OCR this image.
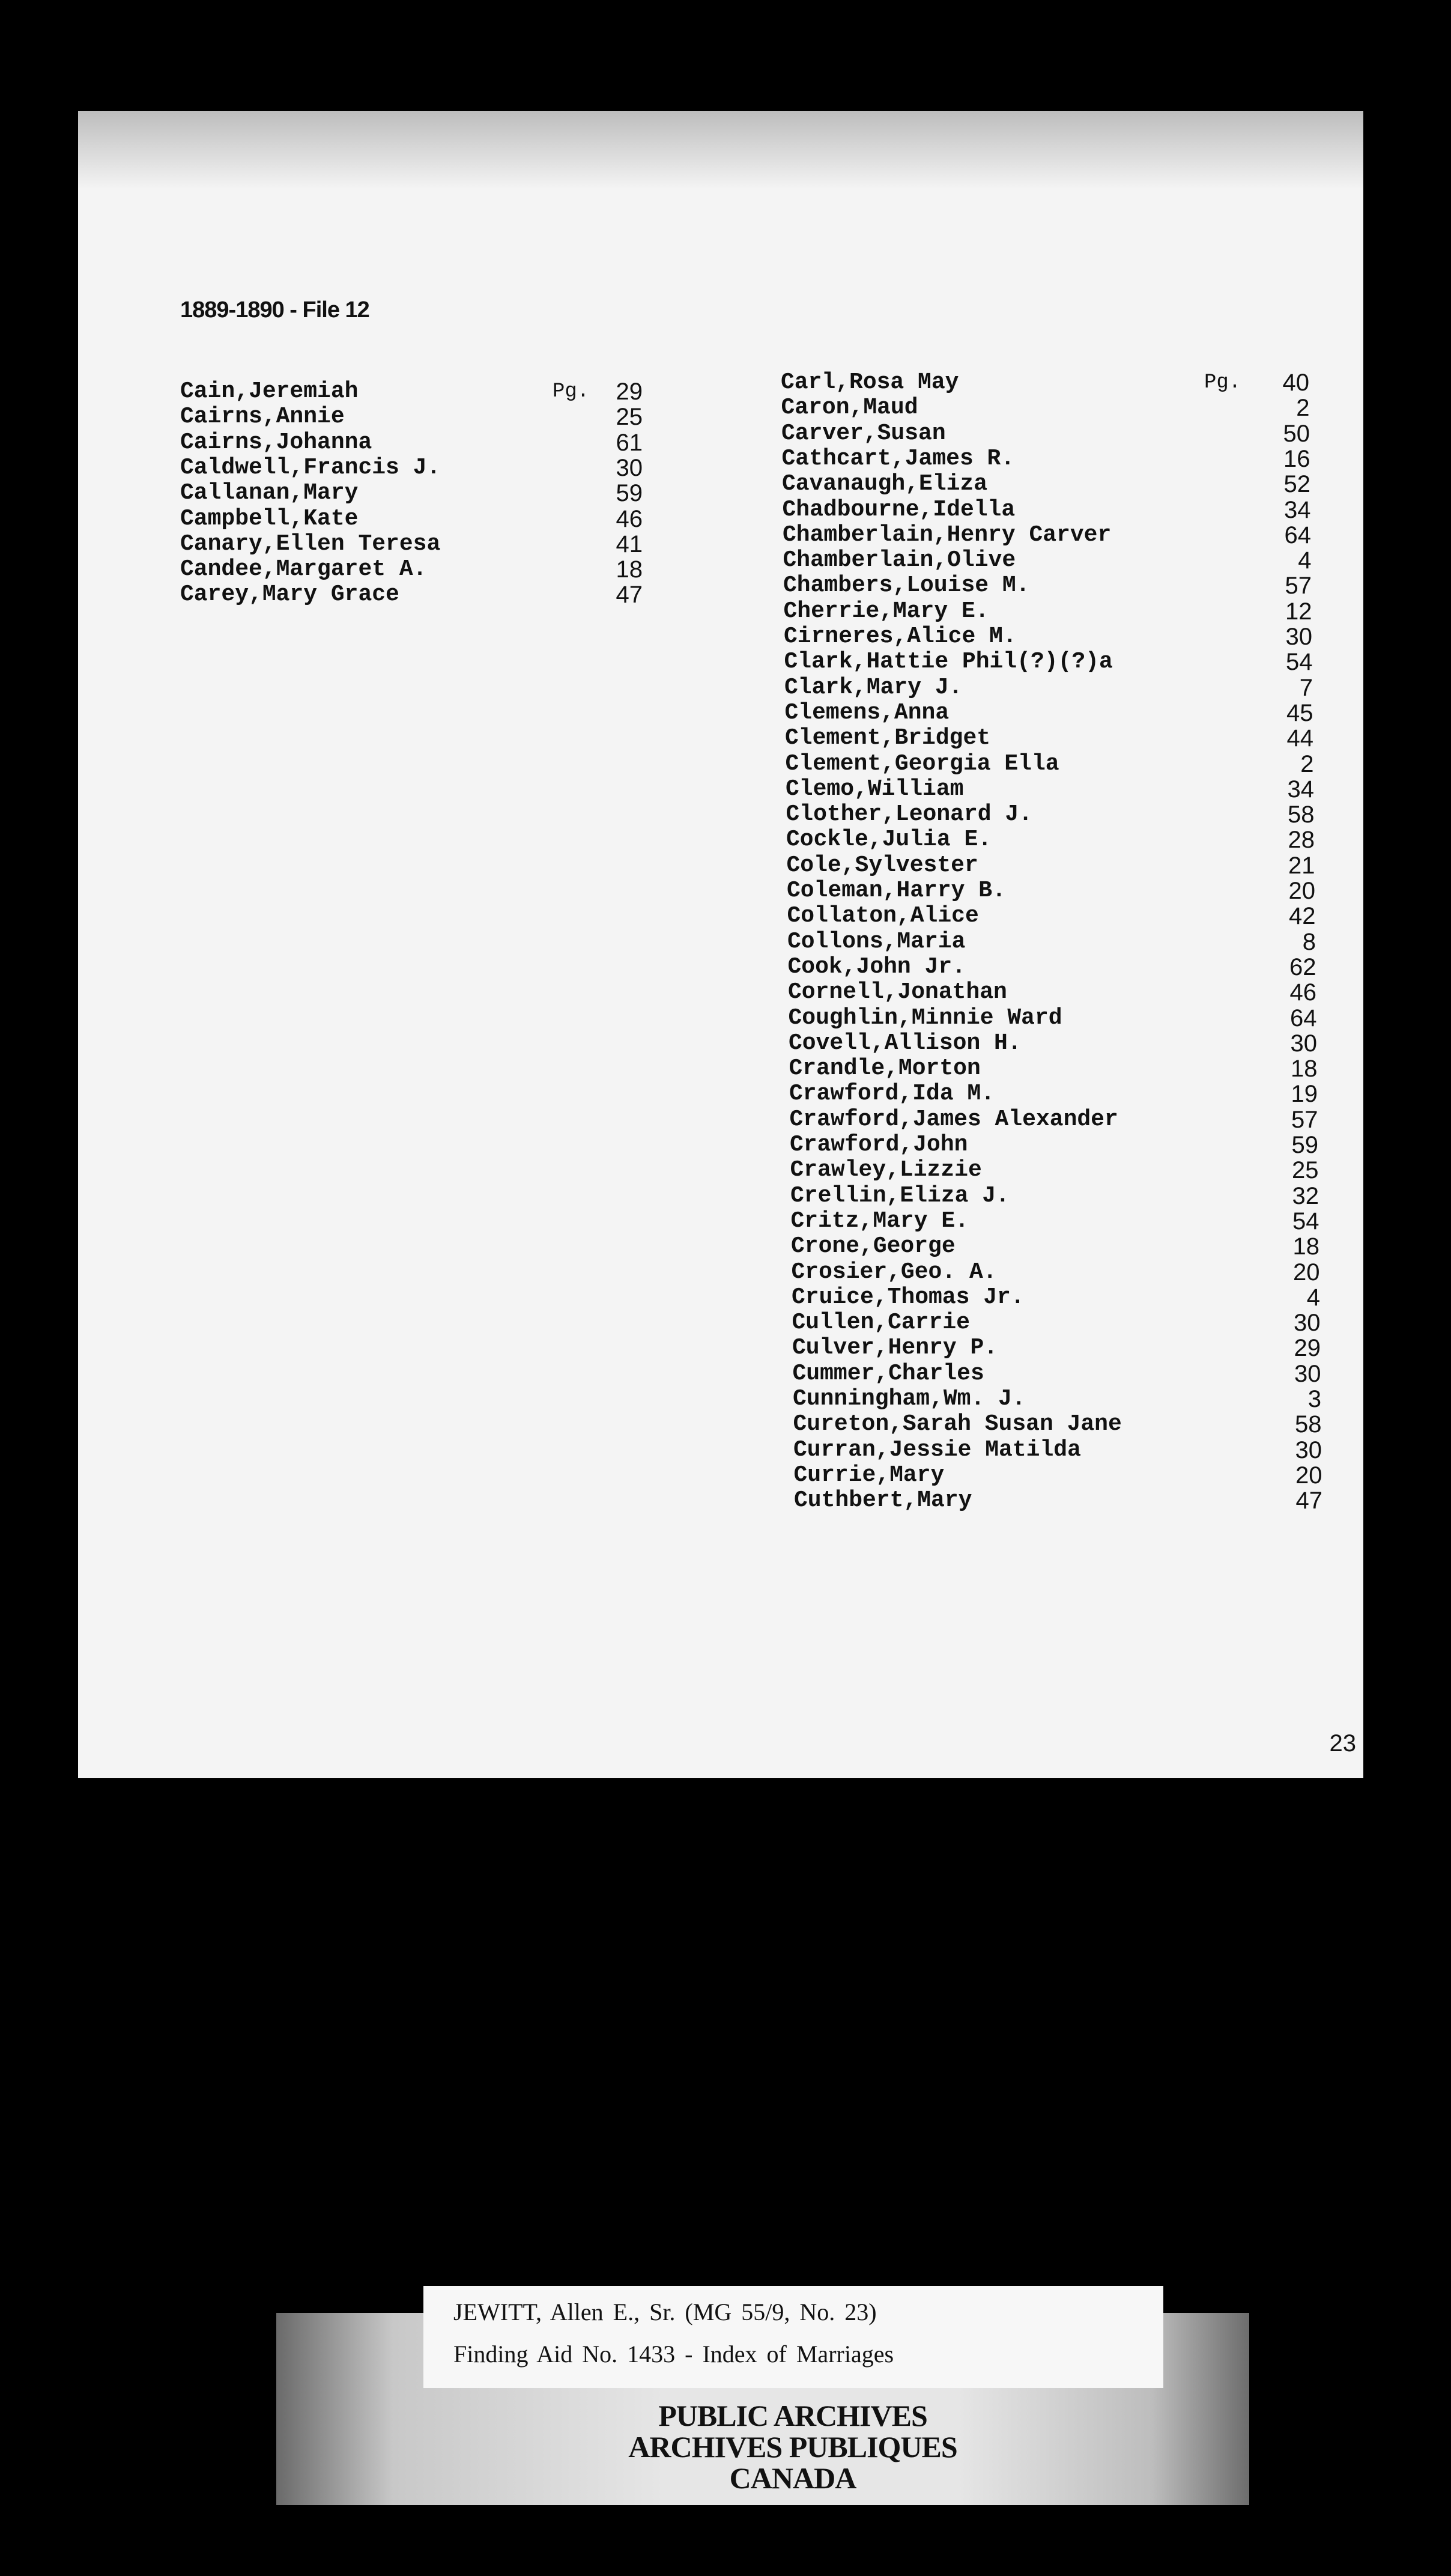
1889-1890 - File 12
Cain,Jeremiah	Pg. 29
Cairns,Annie	25
Cairns,Johanna	61
Caldwell,Francis J.	30
Callanan,Mary	59
Campbell,Kate	46
Canary,Ellen Teresa	41
Candee,Margaret A.	18
Carey,Mary Grace	47
Carl,Rosa May	Pg. 40
Caron,Maud	2
Carver,Susan	50
Cathcart,James R.	16
Cavanaugh,Eliza	52
Chadbourne,Idella	34
Chamberlain,Henry Carver	64
Chamberlain,Olive	4
Chambers,Louise M.	57
Cherrie,Mary E.	12
Cirneres,Alice M.	30
Clark,Hattie Phil(?)(?)a	54
Clark,Mary J.	7
Clemens,Anna	45
Clement,Bridget	44
Clement,Georgia Ella	2
Clemo,William	34
Clother,Leonard J.	58
Cockle,Julia E.	28
Cole,Sylvester	21
Coleman,Harry B.	20
Collaton,Alice	42
Collons,Maria	8
Cook,John Jr.	62
Cornell,Jonathan	46
Coughlin,Minnie Ward	64
Covell,Allison H.	30
Crandle,Morton	18
Crawford,Ida M.	19
Crawford,James Alexander	57
Crawford,John	59
Crawley,Lizzie	25
Crellin,Eliza J.	32
Critz,Mary E.	54
Crone,George	18
Crosier,Geo. A.	20
Cruice,Thomas Jr.	4
Cullen,Carrie	30
Culver,Henry P.	29
Cummer,Charles	30
Cunningham,Wm. J.	3
Cureton,Sarah Susan Jane	58
Curran,Jessie Matilda	30
Currie,Mary	20
Cuthbert,Mary	47
23
JEWITT, Allen E., Sr. (MG 55/9, No. 23)
Finding Aid No. 1433 - Index of Marriages
PUBLIC ARCHIVES
ARCHIVES PUBLIQUES
CANADA
